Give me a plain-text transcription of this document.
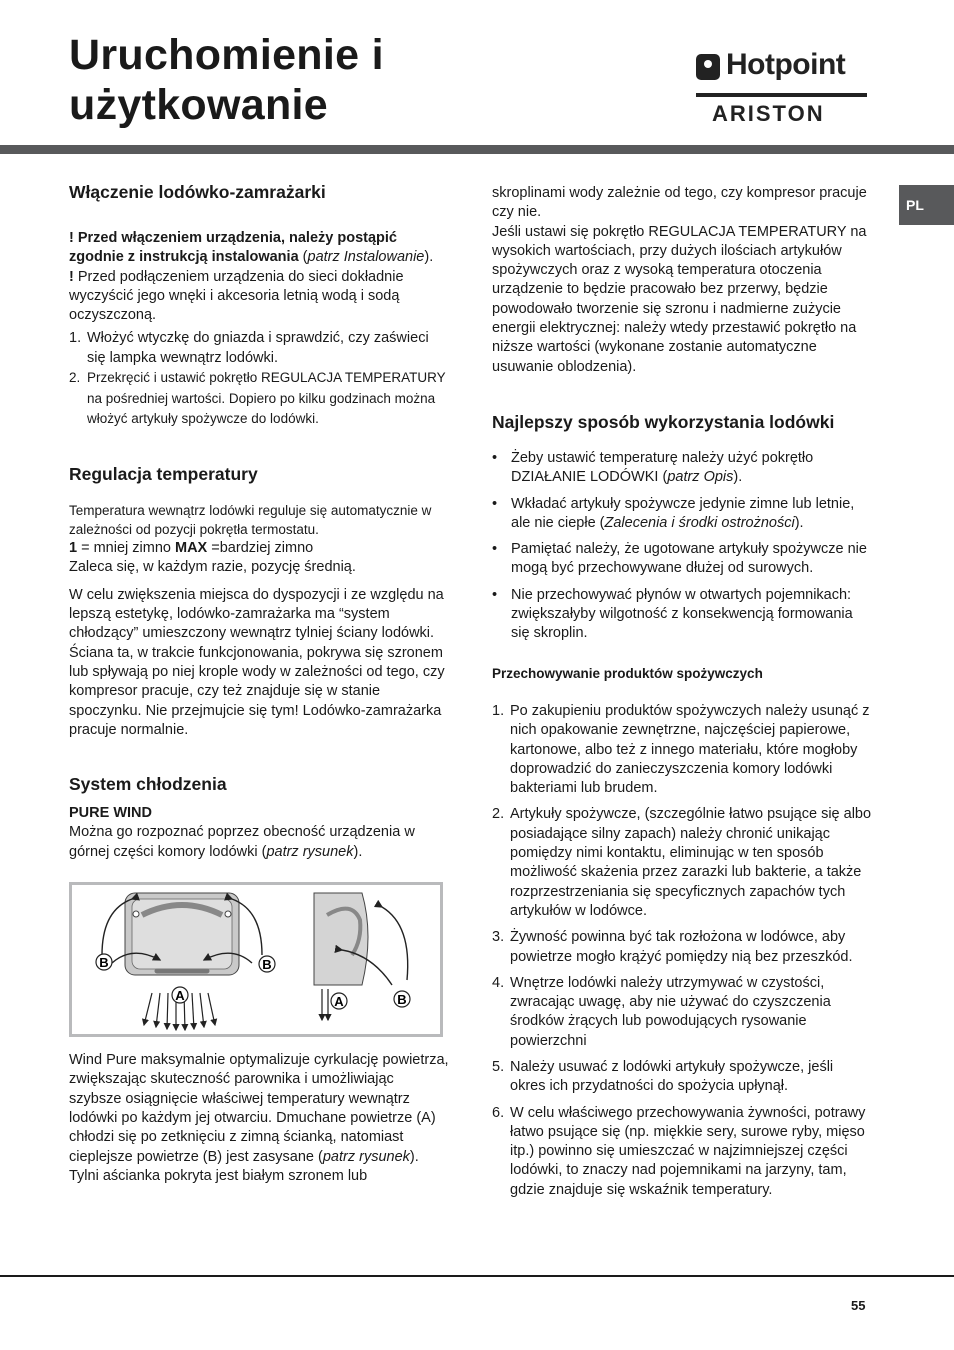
Uruchomienie i
użytkowanie
Hotpoint
ARISTON
PL
Włączenie lodówko-zamrażarki

! Przed włączeniem urządzenia, należy postąpić zgodnie z instrukcją instalowania (patrz Instalowanie).

! Przed podłączeniem urządzenia do sieci dokładnie wyczyścić jego wnęki i akcesoria letnią wodą i sodą oczyszczoną.

1. Włożyć wtyczkę do gniazda i sprawdzić, czy zaświeci się lampka wewnątrz lodówki.
2. Przekręcić i ustawić pokrętło REGULACJA TEMPERATURY na pośredniej wartości. Dopiero po kilku godzinach można włożyć artykuły spożywcze do lodówki.
Regulacja temperatury

Temperatura wewnątrz lodówki reguluje się automatycznie w zależności od pozycji pokrętła termostatu.

1 = mniej zimno MAX =bardziej zimno

Zaleca się, w każdym razie, pozycję średnią.

W celu zwiększenia miejsca do dyspozycji i ze względu na lepszą estetykę, lodówko-zamrażarka ma “system chłodzący” umieszczony wewnątrz tylniej ściany lodówki. Ściana ta, w trakcie funkcjonowania, pokrywa się szronem lub spływają po niej krople wody w zależności od tego, czy kompresor pracuje, czy też znajduje się w stanie spoczynku. Nie przejmujcie się tym! Lodówko-zamrażarka pracuje normalnie.

System chłodzenia

PURE WIND

Można go rozpoznać poprzez obecność urządzenia w górnej części komory lodówki (patrz rysunek).

B	B
A	A	B

Wind Pure maksymalnie optymalizuje cyrkulację powietrza, zwiększając skuteczność parownika i umożliwiając szybsze osiągnięcie właściwej temperatury wewnątrz lodówki po każdym jej otwarciu. Dmuchane powietrze (A) chłodzi się po zetknięciu z zimną ścianką, natomiast cieplejsze powietrze (B) jest zasysane (patrz rysunek).

Tylni aścianka pokryta jest białym szronem lub

skroplinami wody zależnie od tego, czy kompresor pracuje czy nie.

Jeśli ustawi się pokrętło REGULACJA TEMPERATURY na wysokich wartościach, przy dużych ilościach artykułów spożywczych oraz z wysoką temperatura otoczenia urządzenie to będzie pracowało bez przerwy, będzie powodowało tworzenie się szronu i nadmierne zużycie energii elektrycznej: należy wtedy przestawić pokrętło na niższe wartości (wykonane zostanie automatyczne usuwanie oblodzenia).

Najlepszy sposób wykorzystania lodówki
• Żeby ustawić temperaturę należy użyć pokrętło DZIAŁANIE LODÓWKI (patrz Opis).
• Wkładać artykuły spożywcze jedynie zimne lub letnie, ale nie ciepłe (Zalecenia i środki ostrożności).
• Pamiętać należy, że ugotowane artykuły spożywcze nie mogą być przechowywane dłużej od surowych.
• Nie przechowywać płynów w otwartych pojemnikach: zwiększałyby wilgotność z konsekwencją formowania się skroplin.

Przechowywanie produktów spożywczych

1. Po zakupieniu produktów spożywczych należy usunąć z nich opakowanie zewnętrzne, najczęściej papierowe, kartonowe, albo też z innego materiału, które mogłoby doprowadzić do zanieczyszczenia komory lodówki bakteriami lub brudem.
2. Artykuły spożywcze, (szczególnie łatwo psujące się albo posiadające silny zapach) należy chronić unikając pomiędzy nimi kontaktu, eliminując w ten sposób możliwość skażenia przez zarazki lub bakterie, a także rozprzestrzeniania się specyficznych zapachów tych artykułów w lodówce.
3. Żywność powinna być tak rozłożona w lodówce, aby powietrze mogło krążyć pomiędzy nią bez przeszkód.
4. Wnętrze lodówki należy utrzymywać w czystości, zwracając uwagę, aby nie używać do czyszczenia środków żrących lub powodujących rysowanie powierzchni
5. Należy usuwać z lodówki artykuły spożywcze, jeśli okres ich przydatności do spożycia upłynął.
6. W celu właściwego przechowywania żywności, potrawy łatwo psujące się (np. miękkie sery, surowe ryby, mięso itp.) powinno się umieszczać w najzimniejszej części lodówki, to znaczy nad pojemnikami na jarzyny, tam, gdzie znajduje się wskaźnik temperatury.
55
